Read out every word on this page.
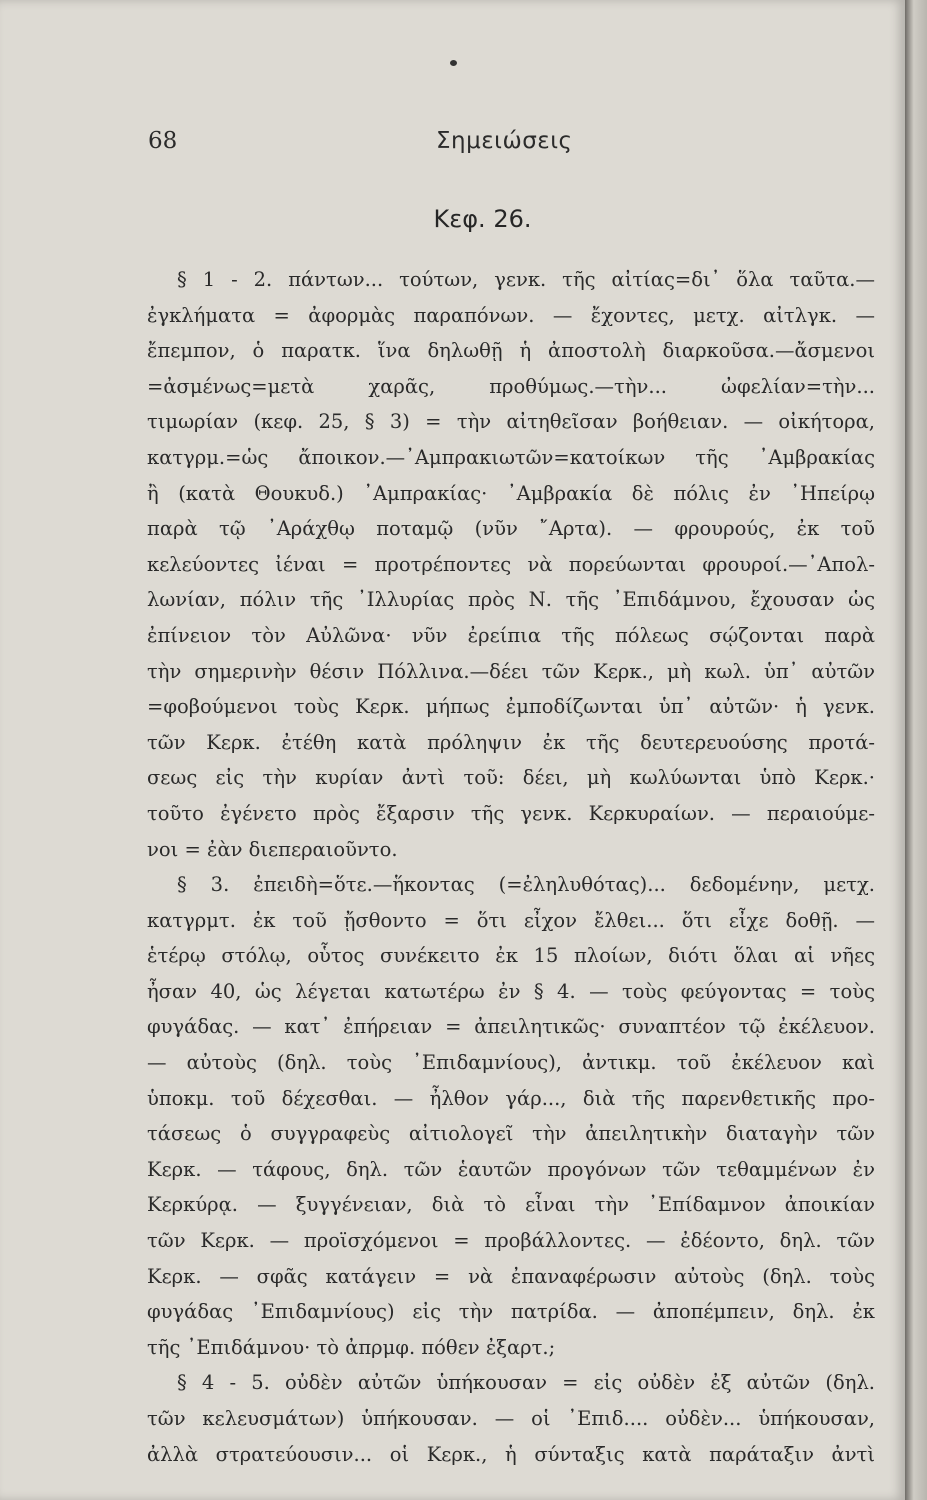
68	Σημειώσεις
Κεφ. 26.
§ 1 - 2. πάντων... τούτων, γενκ. τῆς αἰτίας=δι᾽ ὅλα ταῦτα.—
ἐγκλήματα = ἀφορμὰς παραπόνων. — ἔχοντες, μετχ. αἰτλγκ. —
ἔπεμπον, ὁ παρατκ. ἵνα δηλωθῇ ἡ ἀποστολὴ διαρκοῦσα.—ἄσμενοι
=ἀσμένως=μετὰ χαρᾶς, προθύμως.—τὴν... ὠφελίαν=τὴν...
τιμωρίαν (κεφ. 25, § 3) = τὴν αἰτηθεῖσαν βοήθειαν. — οἰκήτορα,
κατγρμ.=ὡς ἄποικον.—᾿Αμπρακιωτῶν=κατοίκων τῆς ᾿Αμβρακίας
ἢ (κατὰ Θουκυδ.) ᾿Αμπρακίας· ᾿Αμβρακία δὲ πόλις ἐν ᾿Ηπείρῳ
παρὰ τῷ ᾿Αράχθῳ ποταμῷ (νῦν ῎Αρτα). — φρουρούς, ἐκ τοῦ
κελεύοντες ἰέναι = προτρέποντες νὰ πορεύωνται φρουροί.—᾿Απολ-
λωνίαν, πόλιν τῆς ᾿Ιλλυρίας πρὸς Ν. τῆς ᾿Επιδάμνου, ἔχουσαν ὡς
ἐπίνειον τὸν Αὐλῶνα· νῦν ἐρείπια τῆς πόλεως σῴζονται παρὰ
τὴν σημερινὴν θέσιν Πόλλινα.—δέει τῶν Κερκ., μὴ κωλ. ὑπ᾿ αὐτῶν
=φοβούμενοι τοὺς Κερκ. μήπως ἐμποδίζωνται ὑπ᾿ αὐτῶν· ἡ γενκ.
τῶν Κερκ. ἐτέθη κατὰ πρόληψιν ἐκ τῆς δευτερευούσης προτά-
σεως εἰς τὴν κυρίαν ἀντὶ τοῦ: δέει, μὴ κωλύωνται ὑπὸ Κερκ.·
τοῦτο ἐγένετο πρὸς ἔξαρσιν τῆς γενκ. Κερκυραίων. — περαιούμε-
νοι = ἐὰν διεπεραιοῦντο.
§ 3. ἐπειδὴ=ὅτε.—ἥκοντας (=ἐληλυθότας)... δεδομένην, μετχ.
κατγρμτ. ἐκ τοῦ ᾔσθοντο = ὅτι εἶχον ἔλθει... ὅτι εἶχε δοθῇ. —
ἑτέρῳ στόλῳ, οὗτος συνέκειτο ἐκ 15 πλοίων, διότι ὅλαι αἱ νῆες
ἦσαν 40, ὡς λέγεται κατωτέρω ἐν § 4. — τοὺς φεύγοντας = τοὺς
φυγάδας. — κατ᾿ ἐπήρειαν = ἀπειλητικῶς· συναπτέον τῷ ἐκέλευον.
— αὐτοὺς (δηλ. τοὺς ᾿Επιδαμνίους), ἀντικμ. τοῦ ἐκέλευον καὶ
ὑποκμ. τοῦ δέχεσθαι. — ἦλθον γάρ..., διὰ τῆς παρενθετικῆς προ-
τάσεως ὁ συγγραφεὺς αἰτιολογεῖ τὴν ἀπειλητικὴν διαταγὴν τῶν
Κερκ. — τάφους, δηλ. τῶν ἑαυτῶν προγόνων τῶν τεθαμμένων ἐν
Κερκύρᾳ. — ξυγγένειαν, διὰ τὸ εἶναι τὴν ᾿Επίδαμνον ἀποικίαν
τῶν Κερκ. — προϊσχόμενοι = προβάλλοντες. — ἐδέοντο, δηλ. τῶν
Κερκ. — σφᾶς κατάγειν = νὰ ἐπαναφέρωσιν αὐτοὺς (δηλ. τοὺς
φυγάδας ᾿Επιδαμνίους) εἰς τὴν πατρίδα. — ἀποπέμπειν, δηλ. ἐκ
τῆς ᾿Επιδάμνου· τὸ ἀπρμφ. πόθεν ἐξαρτ.;
§ 4 - 5. οὐδὲν αὐτῶν ὑπήκουσαν = εἰς οὐδὲν ἐξ αὐτῶν (δηλ.
τῶν κελευσμάτων) ὑπήκουσαν. — οἱ ᾿Επιδ.... οὐδὲν... ὑπήκουσαν,
ἀλλὰ στρατεύουσιν... οἱ Κερκ., ἡ σύνταξις κατὰ παράταξιν ἀντὶ
